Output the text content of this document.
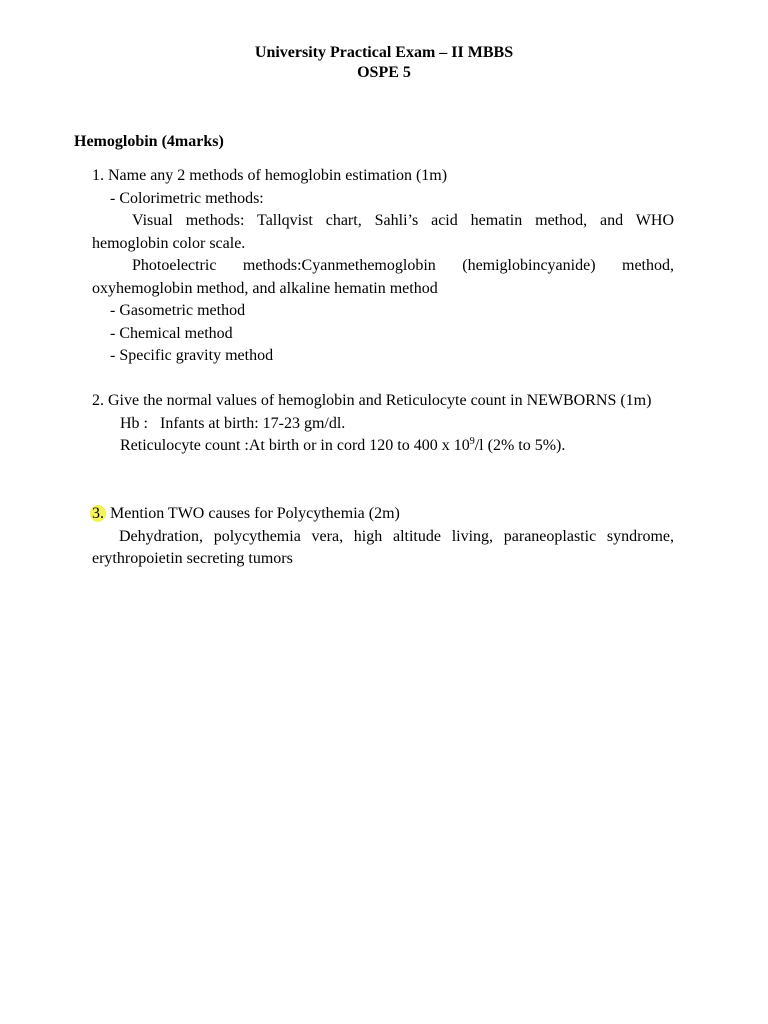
University Practical Exam – II MBBS
OSPE 5
Hemoglobin (4marks)
1. Name any 2 methods of hemoglobin estimation (1m)
- Colorimetric methods:
Visual methods: Tallqvist chart, Sahli’s acid hematin method, and WHO hemoglobin color scale.
Photoelectric methods:Cyanmethemoglobin (hemiglobincyanide) method, oxyhemoglobin method, and alkaline hematin method
- Gasometric method
- Chemical method
- Specific gravity method
2. Give the normal values of hemoglobin and Reticulocyte count in NEWBORNS (1m)
Hb :   Infants at birth: 17-23 gm/dl.
Reticulocyte count :At birth or in cord 120 to 400 x $10^9/l$ (2% to 5%).
3. Mention TWO causes for Polycythemia (2m)
Dehydration, polycythemia vera, high altitude living, paraneoplastic syndrome, erythropoietin secreting tumors
